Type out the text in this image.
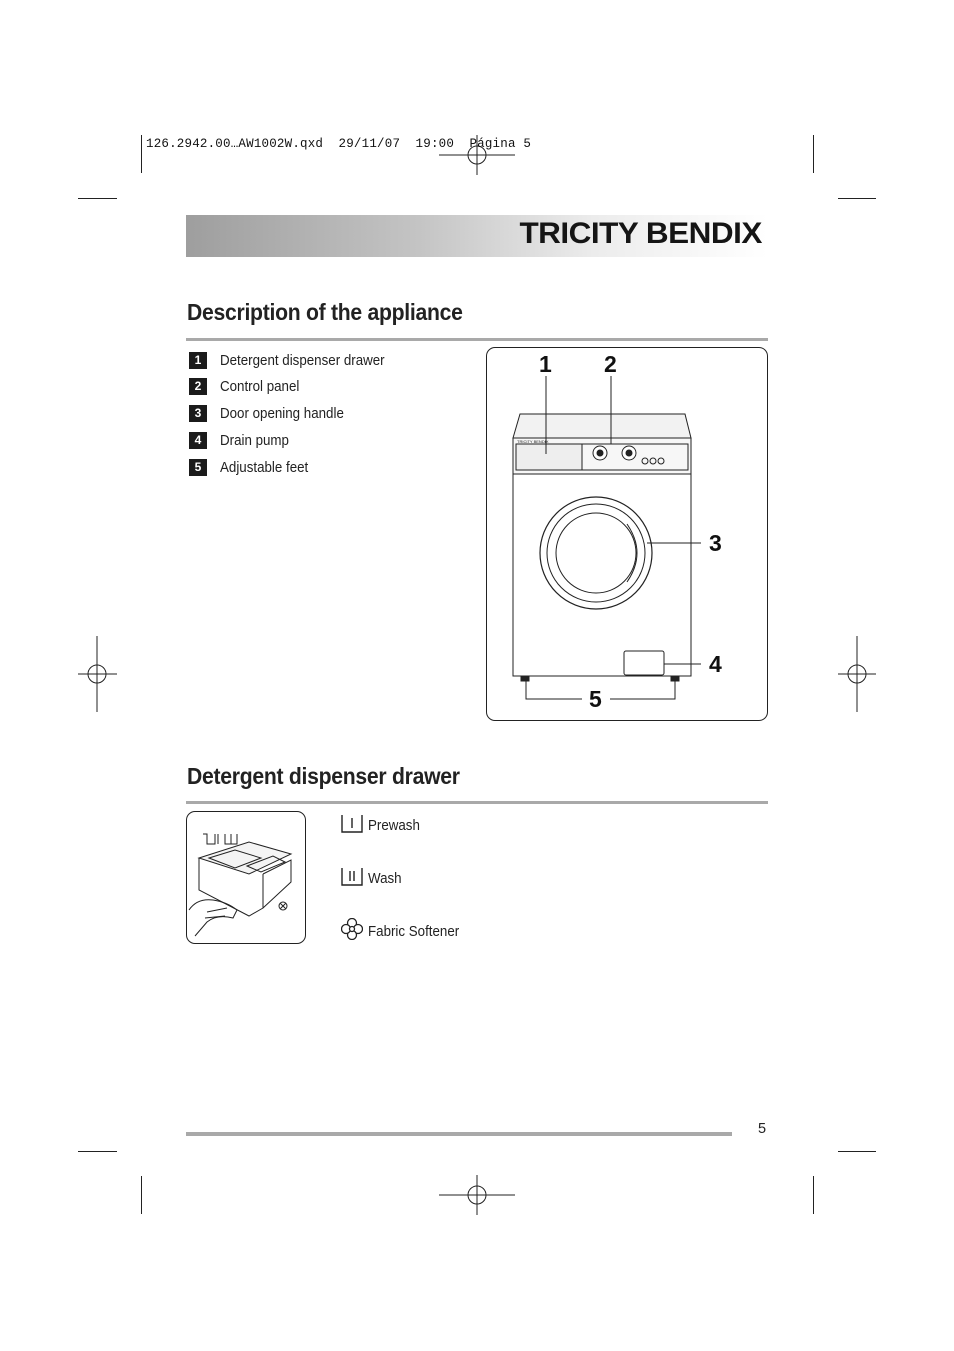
126.2942.00…AW1002W.qxd  29/11/07  19:00  Página 5
TRICITY BENDIX
Description of the appliance
1	Detergent dispenser drawer
2	Control panel
3	Door opening handle
4	Drain pump
5	Adjustable feet
TRICITY BENDIX
1 2
3
4
5
Detergent dispenser drawer
Prewash
Wash
Fabric Softener
5
